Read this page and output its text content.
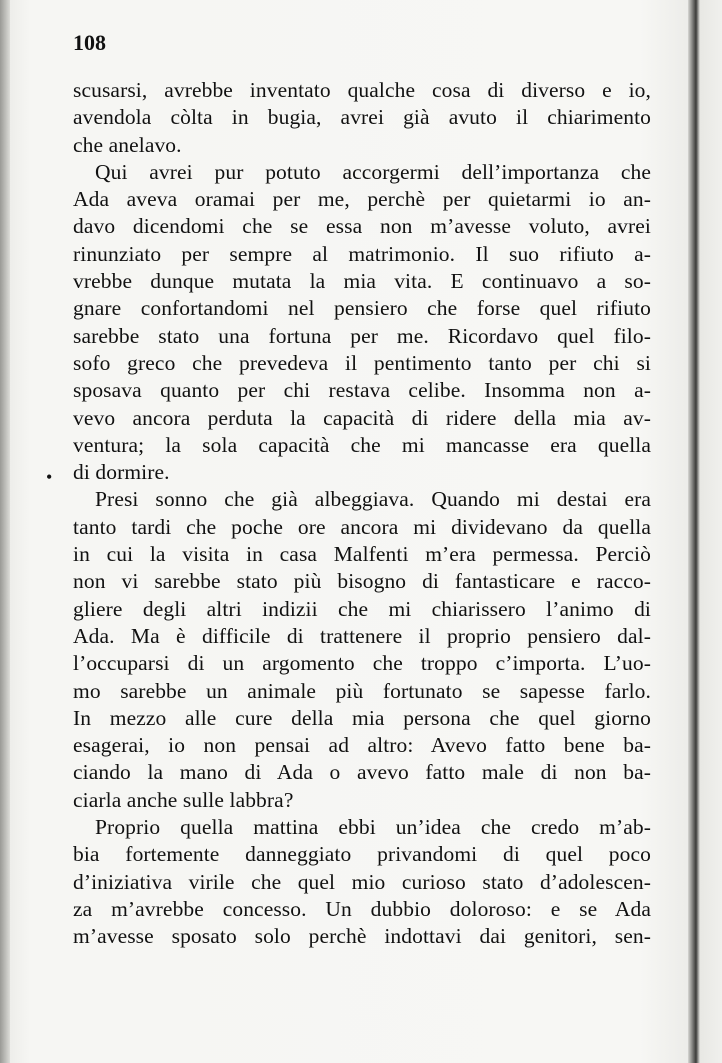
108
•
scusarsi, avrebbe inventato qualche cosa di diverso e io,
avendola còlta in bugia, avrei già avuto il chiarimento
che anelavo.
Qui avrei pur potuto accorgermi dell’importanza che
Ada aveva oramai per me, perchè per quietarmi io an-
davo dicendomi che se essa non m’avesse voluto, avrei
rinunziato per sempre al matrimonio. Il suo rifiuto a-
vrebbe dunque mutata la mia vita. E continuavo a so-
gnare confortandomi nel pensiero che forse quel rifiuto
sarebbe stato una fortuna per me. Ricordavo quel filo-
sofo greco che prevedeva il pentimento tanto per chi si
sposava quanto per chi restava celibe. Insomma non a-
vevo ancora perduta la capacità di ridere della mia av-
ventura; la sola capacità che mi mancasse era quella
di dormire.
Presi sonno che già albeggiava. Quando mi destai era
tanto tardi che poche ore ancora mi dividevano da quella
in cui la visita in casa Malfenti m’era permessa. Perciò
non vi sarebbe stato più bisogno di fantasticare e racco-
gliere degli altri indizii che mi chiarissero l’animo di
Ada. Ma è difficile di trattenere il proprio pensiero dal-
l’occuparsi di un argomento che troppo c’importa. L’uo-
mo sarebbe un animale più fortunato se sapesse farlo.
In mezzo alle cure della mia persona che quel giorno
esagerai, io non pensai ad altro: Avevo fatto bene ba-
ciando la mano di Ada o avevo fatto male di non ba-
ciarla anche sulle labbra?
Proprio quella mattina ebbi un’idea che credo m’ab-
bia fortemente danneggiato privandomi di quel poco
d’iniziativa virile che quel mio curioso stato d’adolescen-
za m’avrebbe concesso. Un dubbio doloroso: e se Ada
m’avesse sposato solo perchè indottavi dai genitori, sen-
